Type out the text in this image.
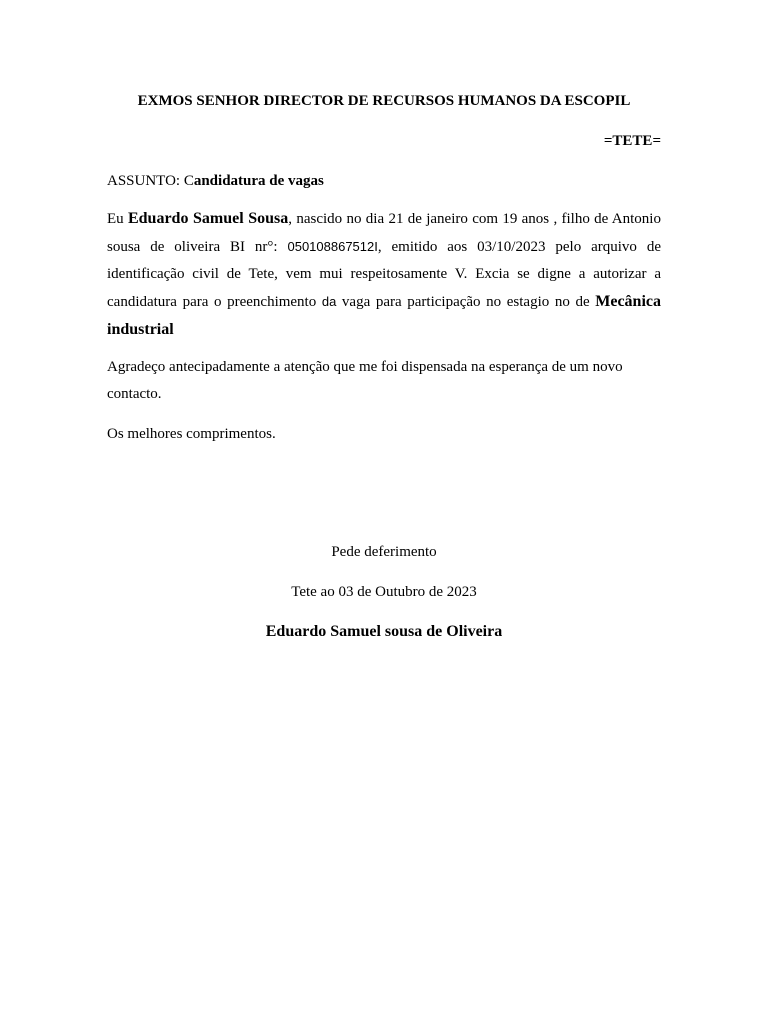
EXMOS SENHOR DIRECTOR DE RECURSOS HUMANOS DA ESCOPIL

=TETE=

ASSUNTO: Candidatura de vagas

Eu Eduardo Samuel Sousa, nascido no dia 21 de janeiro com 19 anos , filho de Antonio sousa de oliveira BI nr°: 050108867512I, emitido aos 03/10/2023 pelo arquivo de identificação civil de Tete, vem mui respeitosamente V. Excia se digne a autorizar a candidatura para o preenchimento da vaga para participação no estagio no de Mecânica industrial

Agradeço antecipadamente a atenção que me foi dispensada na esperança de um novo contacto.

Os melhores comprimentos.

Pede deferimento

Tete ao 03 de Outubro de 2023

Eduardo Samuel sousa de Oliveira
